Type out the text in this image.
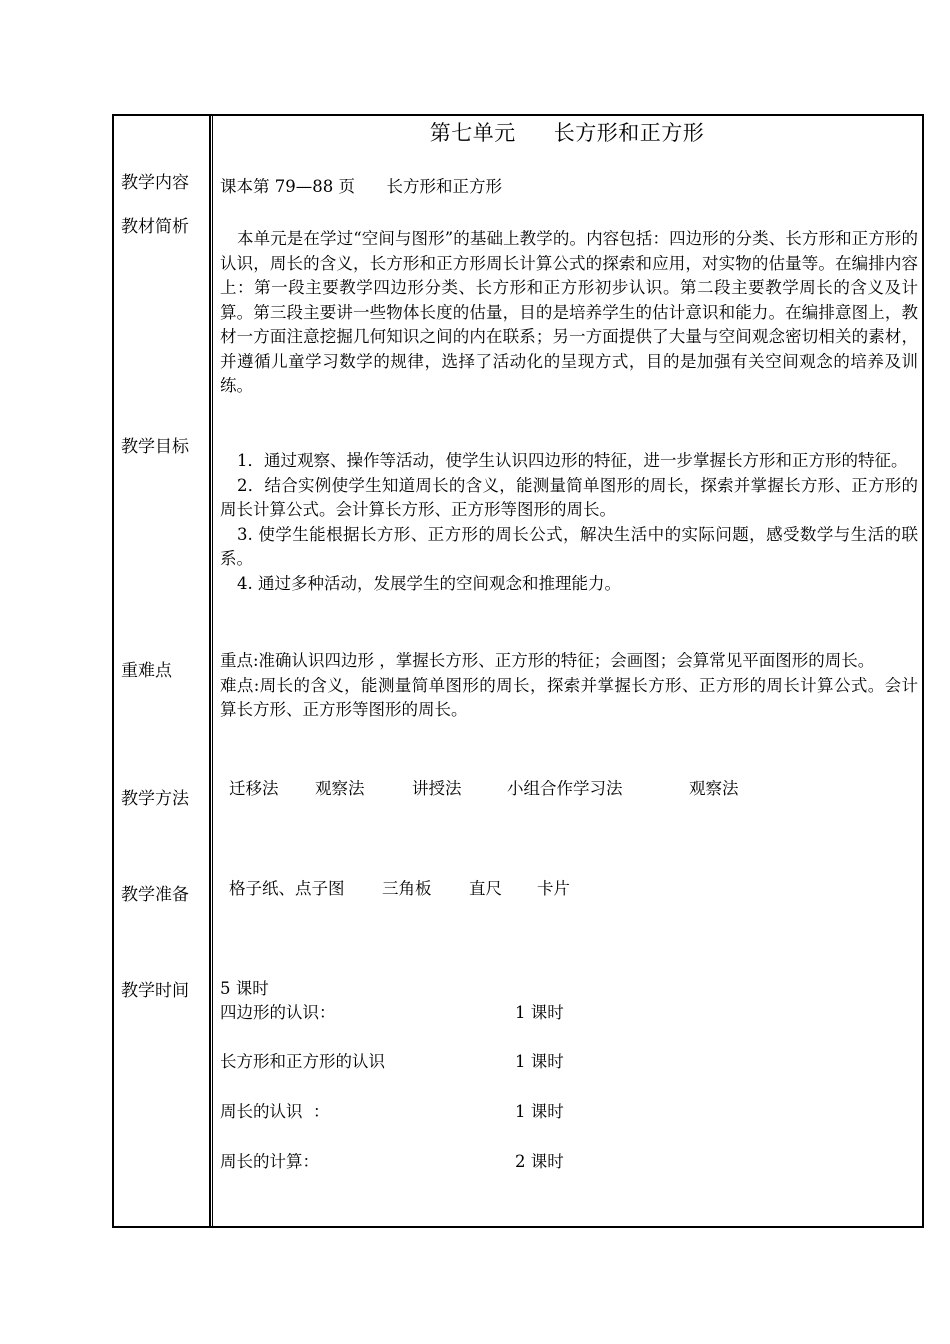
第七单元 长方形和正方形
教学内容 课本第 79—88 页      长方形和正方形
教材简析

本单元是在学过“空间与图形”的基础上教学的。内容包括：四边形的分类、长方形和正方形的认识，周长的含义，长方形和正方形周长计算公式的探索和应用，对实物的估量等。在编排内容上：第一段主要教学四边形分类、长方形和正方形初步认识。第二段主要教学周长的含义及计算。第三段主要讲一些物体长度的估量，目的是培养学生的估计意识和能力。在编排意图上，教材一方面注意挖掘几何知识之间的内在联系；另一方面提供了大量与空间观念密切相关的素材，并遵循儿童学习数学的规律，选择了活动化的呈现方式，目的是加强有关空间观念的培养及训练。

教学目标

1．通过观察、操作等活动，使学生认识四边形的特征，进一步掌握长方形和正方形的特征。

2．结合实例使学生知道周长的含义，能测量简单图形的周长，探索并掌握长方形、正方形的周长计算公式。会计算长方形、正方形等图形的周长。

3. 使学生能根据长方形、正方形的周长公式，解决生活中的实际问题，感受数学与生活的联系。

4. 通过多种活动，发展学生的空间观念和推理能力。

重难点

重点:准确认识四边形 ，掌握长方形、正方形的特征；会画图；会算常见平面图形的周长。

难点:周长的含义，能测量简单图形的周长，探索并掌握长方形、正方形的周长计算公式。会计算长方形、正方形等图形的周长。

教学方法
迁移法 观察法	讲授法	小组合作学习法	观察法
教学准备 格子纸、点子图 三角板 直尺 卡片
教学时间 5 课时
四边形的认识：	1 课时
长方形和正方形的认识	1 课时
周长的认识  ：	1 课时
周长的计算：	2 课时
